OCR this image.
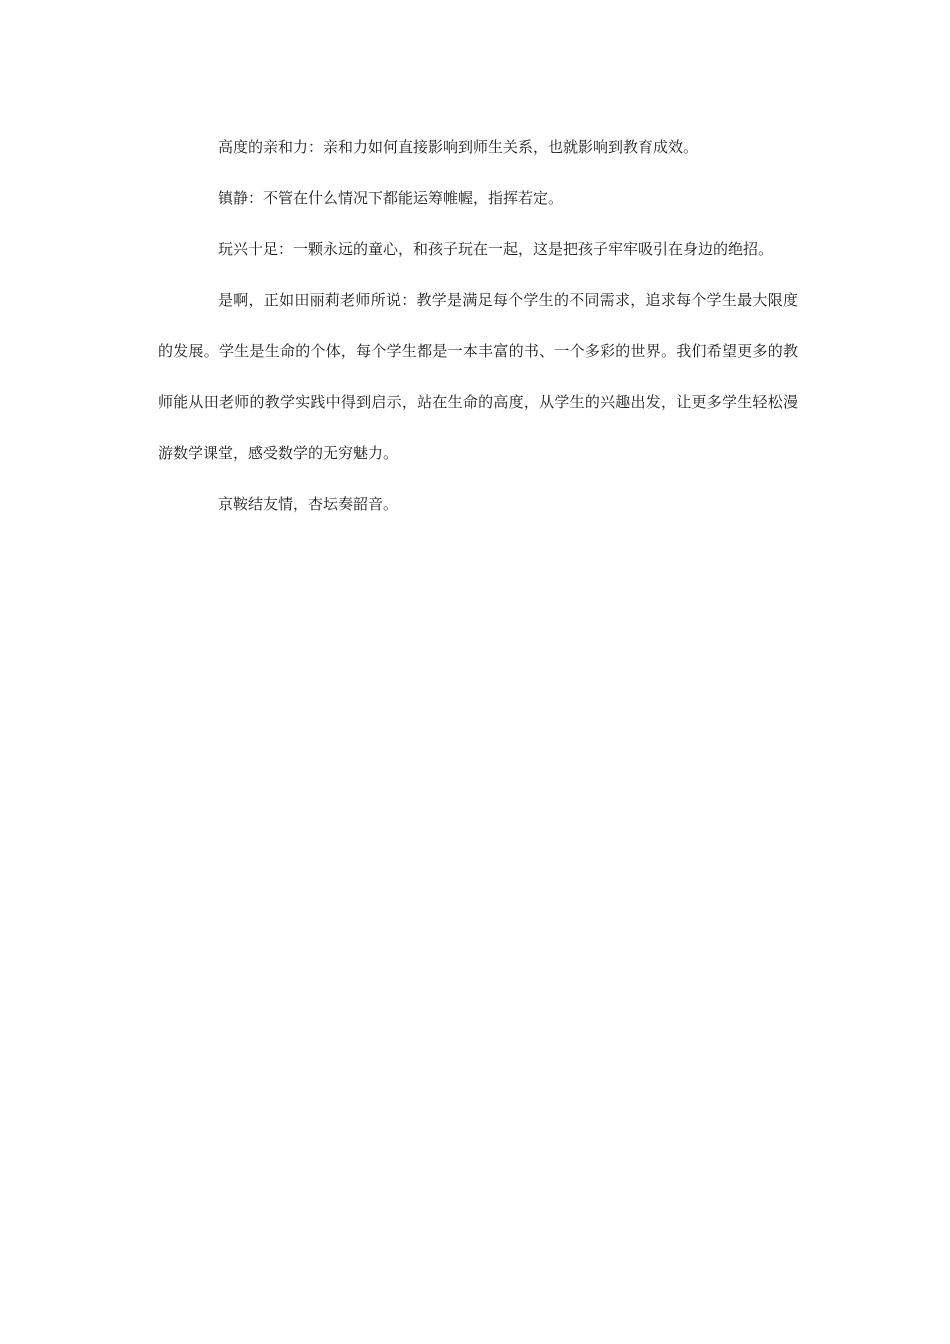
高度的亲和力：亲和力如何直接影响到师生关系，也就影响到教育成效。

镇静：不管在什么情况下都能运筹帷幄，指挥若定。

玩兴十足：一颗永远的童心，和孩子玩在一起，这是把孩子牢牢吸引在身边的绝招。

是啊，正如田丽莉老师所说：教学是满足每个学生的不同需求，追求每个学生最大限度的发展。学生是生命的个体，每个学生都是一本丰富的书、一个多彩的世界。我们希望更多的教师能从田老师的教学实践中得到启示，站在生命的高度，从学生的兴趣出发，让更多学生轻松漫游数学课堂，感受数学的无穷魅力。

京鞍结友情，杏坛奏韶音。
